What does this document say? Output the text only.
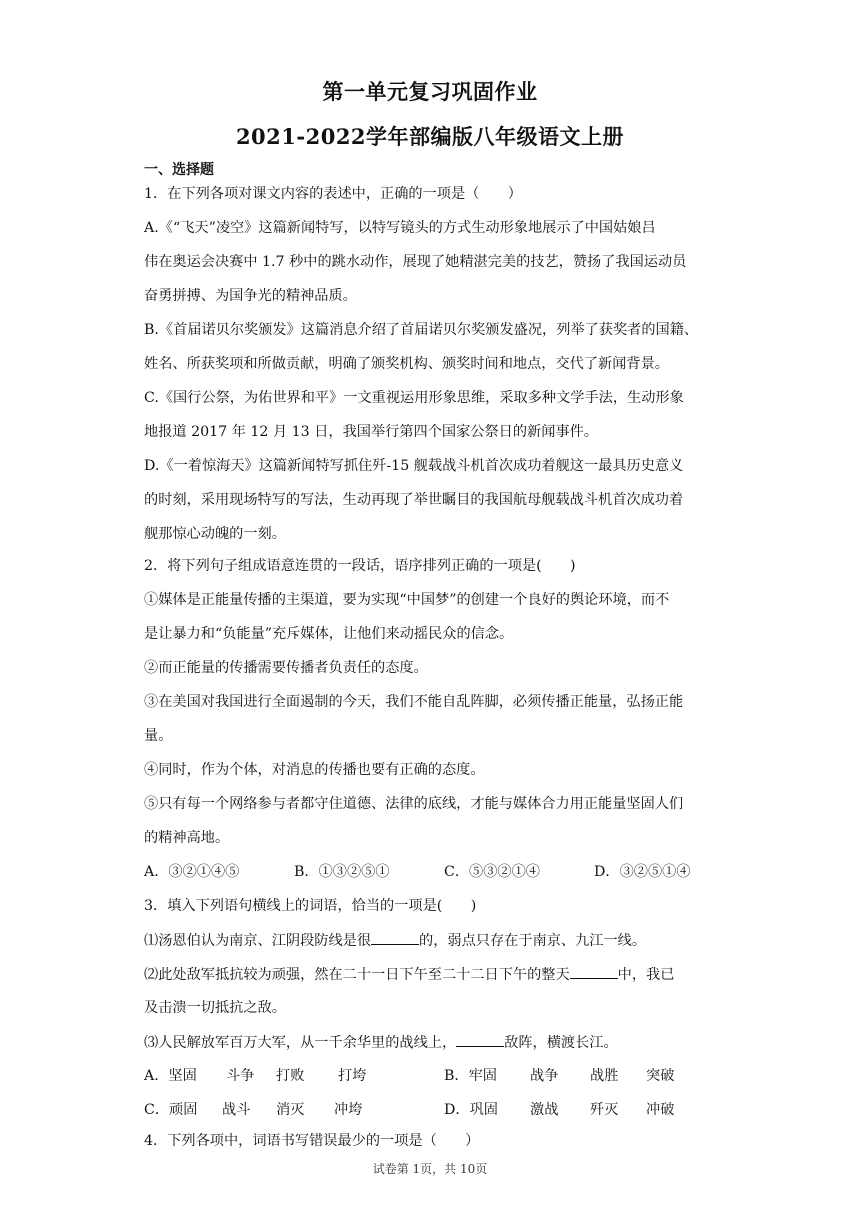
第一单元复习巩固作业
2021-2022学年部编版八年级语文上册

一、选择题

1．在下列各项对课文内容的表述中，正确的一项是（　　）

A.《“飞天”凌空》这篇新闻特写，以特写镜头的方式生动形象地展示了中国姑娘吕

伟在奥运会决赛中 1.7 秒中的跳水动作，展现了她精湛完美的技艺，赞扬了我国运动员

奋勇拼搏、为国争光的精神品质。

B.《首届诺贝尔奖颁发》这篇消息介绍了首届诺贝尔奖颁发盛况，列举了获奖者的国籍、

姓名、所获奖项和所做贡献，明确了颁奖机构、颁奖时间和地点，交代了新闻背景。

C.《国行公祭，为佑世界和平》一文重视运用形象思维，采取多种文学手法，生动形象

地报道 2017 年 12 月 13 日，我国举行第四个国家公祭日的新闻事件。

D.《一着惊海天》这篇新闻特写抓住歼-15 舰载战斗机首次成功着舰这一最具历史意义

的时刻，采用现场特写的写法，生动再现了举世瞩目的我国航母舰载战斗机首次成功着

舰那惊心动魄的一刻。

2．将下列句子组成语意连贯的一段话，语序排列正确的一项是(　　)

①媒体是正能量传播的主渠道，要为实现“中国梦”的创建一个良好的舆论环境，而不

是让暴力和“负能量”充斥媒体，让他们来动摇民众的信念。

②而正能量的传播需要传播者负责任的态度。

③在美国对我国进行全面遏制的今天，我们不能自乱阵脚，必须传播正能量，弘扬正能

量。

④同时，作为个体，对消息的传播也要有正确的态度。

⑤只有每一个网络参与者都守住道德、法律的底线，才能与媒体合力用正能量坚固人们

的精神高地。

A．③②①④⑤	B．①③②⑤①	C．⑤③②①④	D．③②⑤①④

3．填入下列语句横线上的词语，恰当的一项是(　　)

⑴汤恩伯认为南京、江阴段防线是很	的，弱点只存在于南京、九江一线。

⑵此处敌军抵抗较为顽强，然在二十一日下午至二十二日下午的整天	中，我已

及击溃一切抵抗之敌。

⑶人民解放军百万大军，从一千余华里的战线上，	敌阵，横渡长江。

A．坚固 斗争 打败 打垮	B．牢固 战争 战胜 突破

C．顽固 战斗 消灭 冲垮	D．巩固 激战 歼灭 冲破

4．下列各项中，词语书写错误最少的一项是（　　）

试卷第 1页，共 10页
